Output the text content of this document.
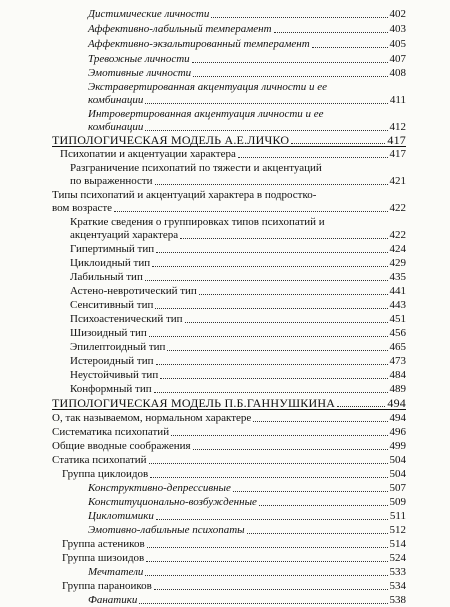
Дистимические личности	402
Аффективно-лабильный темперамент	403
Аффективно-экзальтированный темперамент	405
Тревожные личности	407
Эмотивные личности	408
Экстравертированная акцентуация личности и ее
комбинации	411
Интровертированная акцентуация личности и ее
комбинации	412
ТИПОЛОГИЧЕСКАЯ МОДЕЛЬ А.Е.ЛИЧКО	417
Психопатии и акцентуации характера	417
Разграничение психопатий по тяжести и акцентуаций
по выраженности	421
Типы психопатий и акцентуаций характера в подростко-
вом возрасте	422
Краткие сведения о группировках типов психопатий и
акцентуаций характера	422
Гипертимный тип	424
Циклоидный тип	429
Лабильный тип	435
Астено-невротический тип	441
Сенситивный тип	443
Психоастенический тип	451
Шизоидный тип	456
Эпилептоидный тип	465
Истероидный тип	473
Неустойчивый тип	484
Конформный тип	489
ТИПОЛОГИЧЕСКАЯ МОДЕЛЬ П.Б.ГАННУШКИНА	494
О, так называемом, нормальном характере	494
Систематика психопатий	496
Общие вводные соображения	499
Статика психопатий	504
Группа циклоидов	504
Конструктивно-депрессивные	507
Конституционально-возбужденные	509
Циклотимики	511
Эмотивно-лабильные психопаты	512
Группа астеников	514
Группа шизоидов	524
Мечтатели	533
Группа параноиков	534
Фанатики	538
